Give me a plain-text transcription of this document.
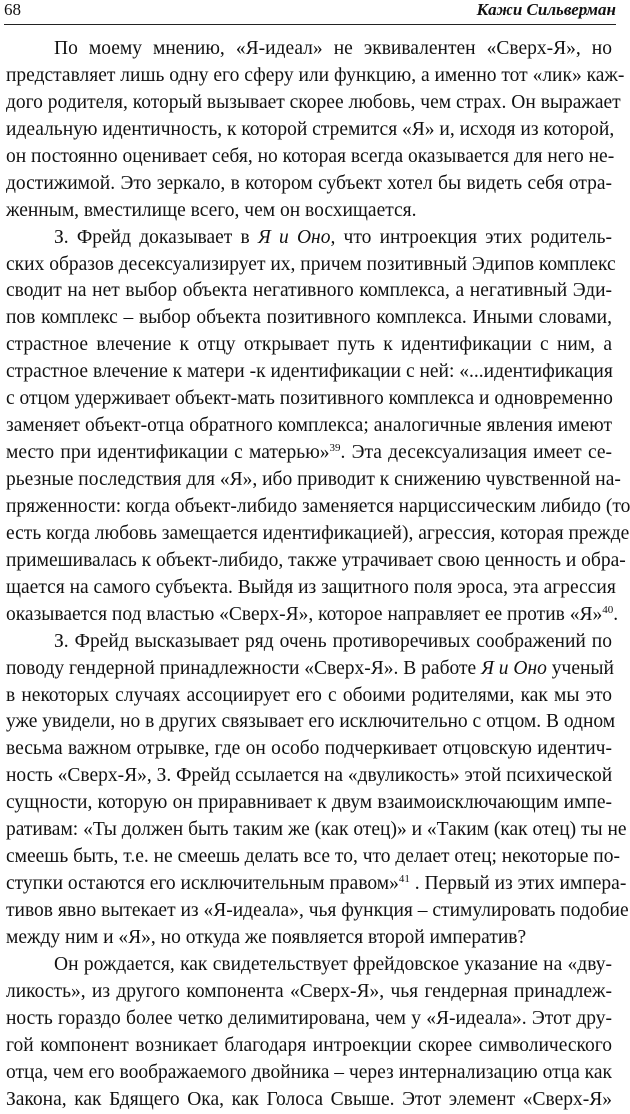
68	Кажи Сильверман
По моему мнению, «Я-идеал» не эквивалентен «Сверх-Я», но
представляет лишь одну его сферу или функцию, а именно тот «лик» каж-
дого родителя, который вызывает скорее любовь, чем страх. Он выражает
идеальную идентичность, к которой стремится «Я» и, исходя из которой,
он постоянно оценивает себя, но которая всегда оказывается для него не-
достижимой. Это зеркало, в котором субъект хотел бы видеть себя отра-
женным, вместилище всего, чем он восхищается.
З. Фрейд доказывает в Я и Оно, что интроекция этих родитель-
ских образов десексуализирует их, причем позитивный Эдипов комплекс
сводит на нет выбор объекта негативного комплекса, а негативный Эди-
пов комплекс – выбор объекта позитивного комплекса. Иными словами,
страстное влечение к отцу открывает путь к идентификации с ним, а
страстное влечение к матери -к идентификации с ней: «...идентификация
с отцом удерживает объект-мать позитивного комплекса и одновременно
заменяет объект-отца обратного комплекса; аналогичные явления имеют
место при идентификации с матерью»$^{39}$. Эта десексуализация имеет се-
рьезные последствия для «Я», ибо приводит к снижению чувственной на-
пряженности: когда объект-либидо заменяется нарциссическим либидо (то
есть когда любовь замещается идентификацией), агрессия, которая прежде
примешивалась к объект-либидо, также утрачивает свою ценность и обра-
щается на самого субъекта. Выйдя из защитного поля эроса, эта агрессия
оказывается под властью «Сверх-Я», которое направляет ее против «Я»$^{40}$.
З. Фрейд высказывает ряд очень противоречивых соображений по
поводу гендерной принадлежности «Сверх-Я». В работе Я и Оно ученый
в некоторых случаях ассоциирует его с обоими родителями, как мы это
уже увидели, но в других связывает его исключительно с отцом. В одном
весьма важном отрывке, где он особо подчеркивает отцовскую идентич-
ность «Сверх-Я», З. Фрейд ссылается на «двуликость» этой психической
сущности, которую он приравнивает к двум взаимоисключающим импе-
ративам: «Ты должен быть таким же (как отец)» и «Таким (как отец) ты не
смеешь быть, т.е. не смеешь делать все то, что делает отец; некоторые по-
ступки остаются его исключительным правом»$^{41}$ . Первый из этих импера-
тивов явно вытекает из «Я-идеала», чья функция – стимулировать подобие
между ним и «Я», но откуда же появляется второй императив?
Он рождается, как свидетельствует фрейдовское указание на «дву-
ликость», из другого компонента «Сверх-Я», чья гендерная принадлеж-
ность гораздо более четко делимитирована, чем у «Я-идеала». Этот дру-
гой компонент возникает благодаря интроекции скорее символического
отца, чем его воображаемого двойника – через интернализацию отца как
Закона, как Бдящего Ока, как Голоса Свыше. Этот элемент «Сверх-Я»
